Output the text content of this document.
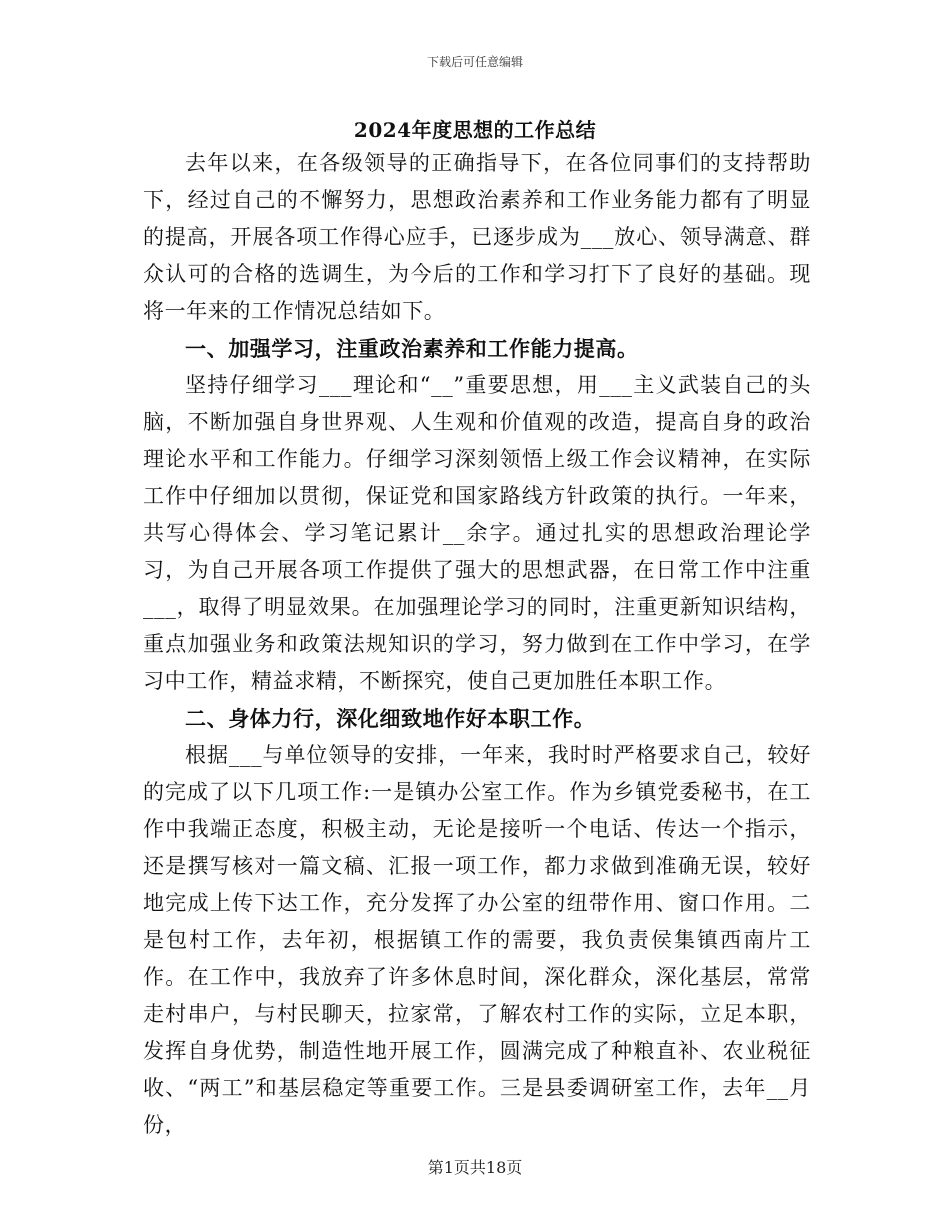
下载后可任意编辑
2024年度思想的工作总结

去年以来，在各级领导的正确指导下，在各位同事们的支持帮助下，经过自己的不懈努力，思想政治素养和工作业务能力都有了明显的提高，开展各项工作得心应手，已逐步成为___放心、领导满意、群众认可的合格的选调生，为今后的工作和学习打下了良好的基础。现将一年来的工作情况总结如下。

一、加强学习，注重政治素养和工作能力提高。

坚持仔细学习___理论和“__”重要思想，用___主义武装自己的头脑，不断加强自身世界观、人生观和价值观的改造，提高自身的政治理论水平和工作能力。仔细学习深刻领悟上级工作会议精神，在实际工作中仔细加以贯彻，保证党和国家路线方针政策的执行。一年来，共写心得体会、学习笔记累计__余字。通过扎实的思想政治理论学习，为自己开展各项工作提供了强大的思想武器，在日常工作中注重___，取得了明显效果。在加强理论学习的同时，注重更新知识结构，重点加强业务和政策法规知识的学习，努力做到在工作中学习，在学习中工作，精益求精，不断探究，使自己更加胜任本职工作。

二、身体力行，深化细致地作好本职工作。

根据___与单位领导的安排，一年来，我时时严格要求自己，较好的完成了以下几项工作:一是镇办公室工作。作为乡镇党委秘书，在工作中我端正态度，积极主动，无论是接听一个电话、传达一个指示，还是撰写核对一篇文稿、汇报一项工作，都力求做到准确无误，较好地完成上传下达工作，充分发挥了办公室的纽带作用、窗口作用。二是包村工作，去年初，根据镇工作的需要，我负责侯集镇西南片工作。在工作中，我放弃了许多休息时间，深化群众，深化基层，常常走村串户，与村民聊天，拉家常，了解农村工作的实际，立足本职，发挥自身优势，制造性地开展工作，圆满完成了种粮直补、农业税征收、“两工”和基层稳定等重要工作。三是县委调研室工作，去年__月份，

第1页共18页
